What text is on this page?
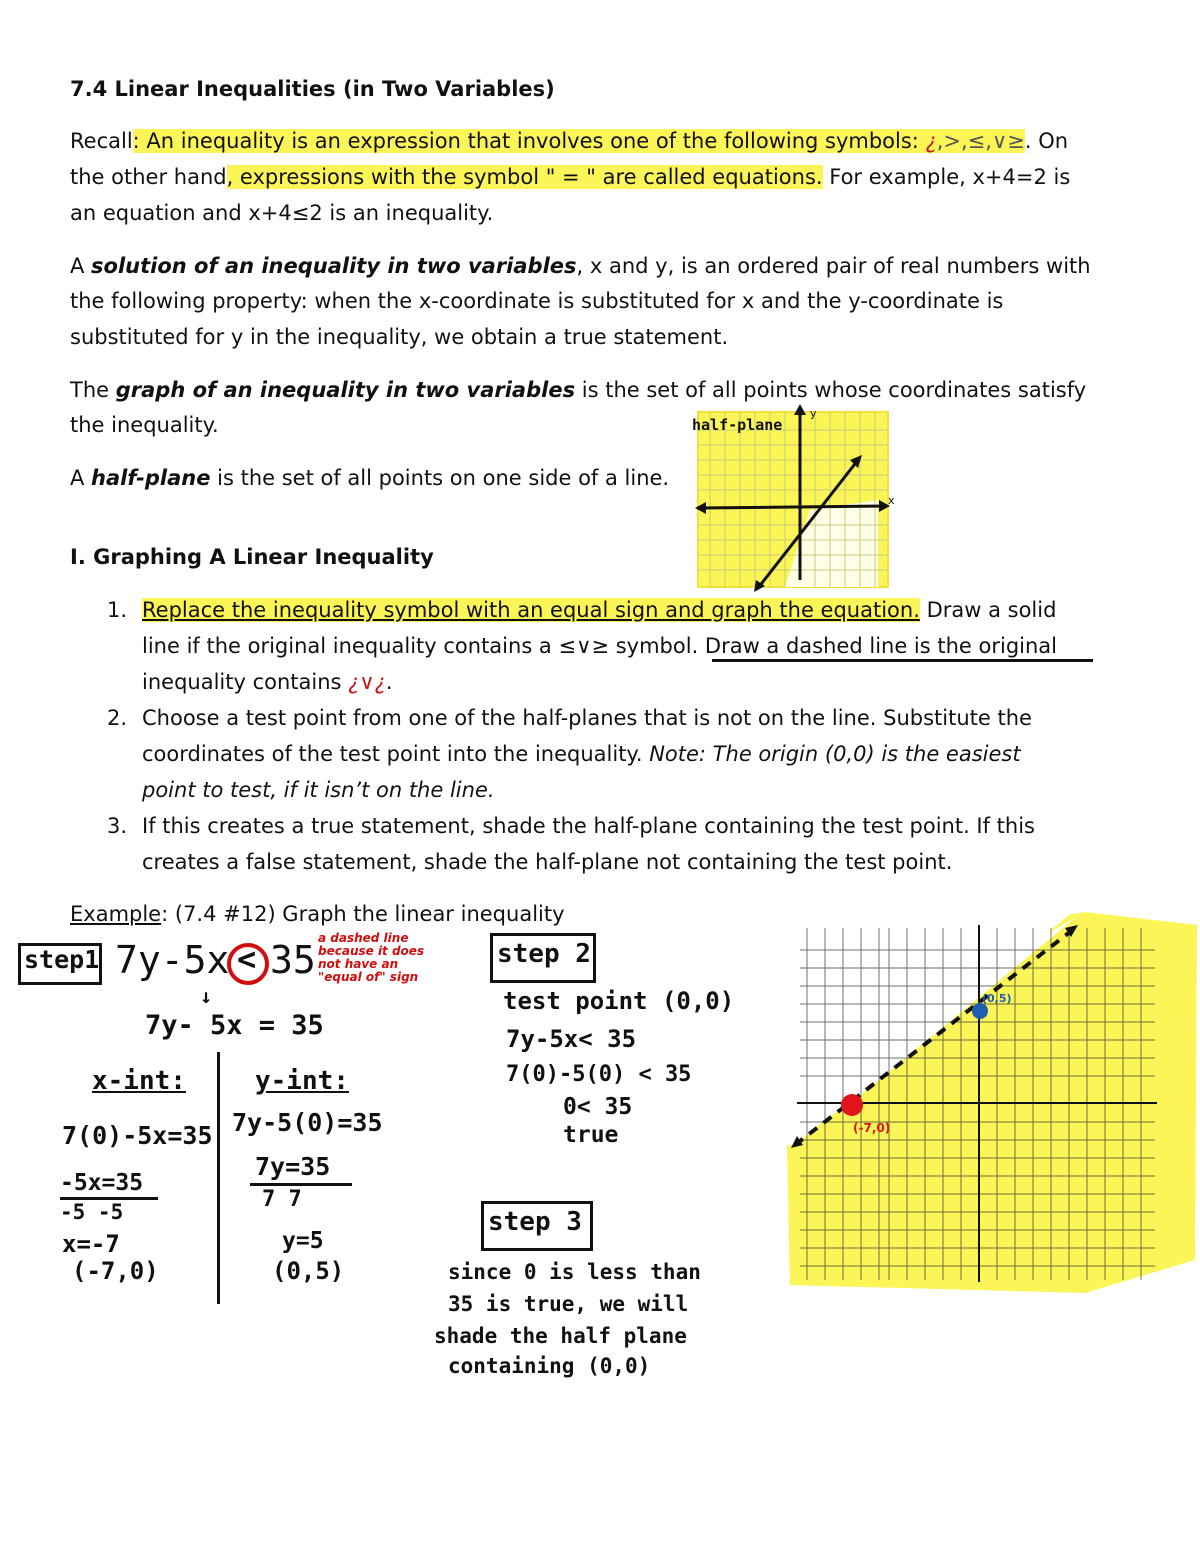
7.4 Linear Inequalities (in Two Variables)
Recall: An inequality is an expression that involves one of the following symbols: ¿,>,≤,∨≥. On
the other hand, expressions with the symbol " = " are called equations. For example, x+4=2 is
an equation and x+4≤2 is an inequality.
A solution of an inequality in two variables, x and y, is an ordered pair of real numbers with
the following property: when the x-coordinate is substituted for x and the y-coordinate is
substituted for y in the inequality, we obtain a true statement.
The graph of an inequality in two variables is the set of all points whose coordinates satisfy
the inequality.
A half-plane is the set of all points on one side of a line.
half-plane
y
x
I. Graphing A Linear Inequality
1. Replace the inequality symbol with an equal sign and graph the equation. Draw a solid
line if the original inequality contains a ≤∨≥ symbol. Draw a dashed line is the original
inequality contains ¿∨¿.
2. Choose a test point from one of the half-planes that is not on the line. Substitute the
coordinates of the test point into the inequality. Note: The origin (0,0) is the easiest
point to test, if it isn’t on the line.
3. If this creates a true statement, shade the half-plane containing the test point. If this
creates a false statement, shade the half-plane not containing the test point.
Example: (7.4 #12) Graph the linear inequality
step1 7y-5x < 35 a dashed line because it does not have an "equal of" sign
↓
7y- 5x = 35
x-int:
7(0)-5x=35
-5x=35
-5 -5
x=-7
(-7,0)
y-int:
7y-5(0)=35
7y=35
7 7
y=5
(0,5)
step 2
test point (0,0)
7y-5x< 35
7(0)-5(0) < 35
0< 35
true
step 3
since 0 is less than
35 is true, we will
shade the half plane
containing (0,0)
(-7,0)
(0,5)
